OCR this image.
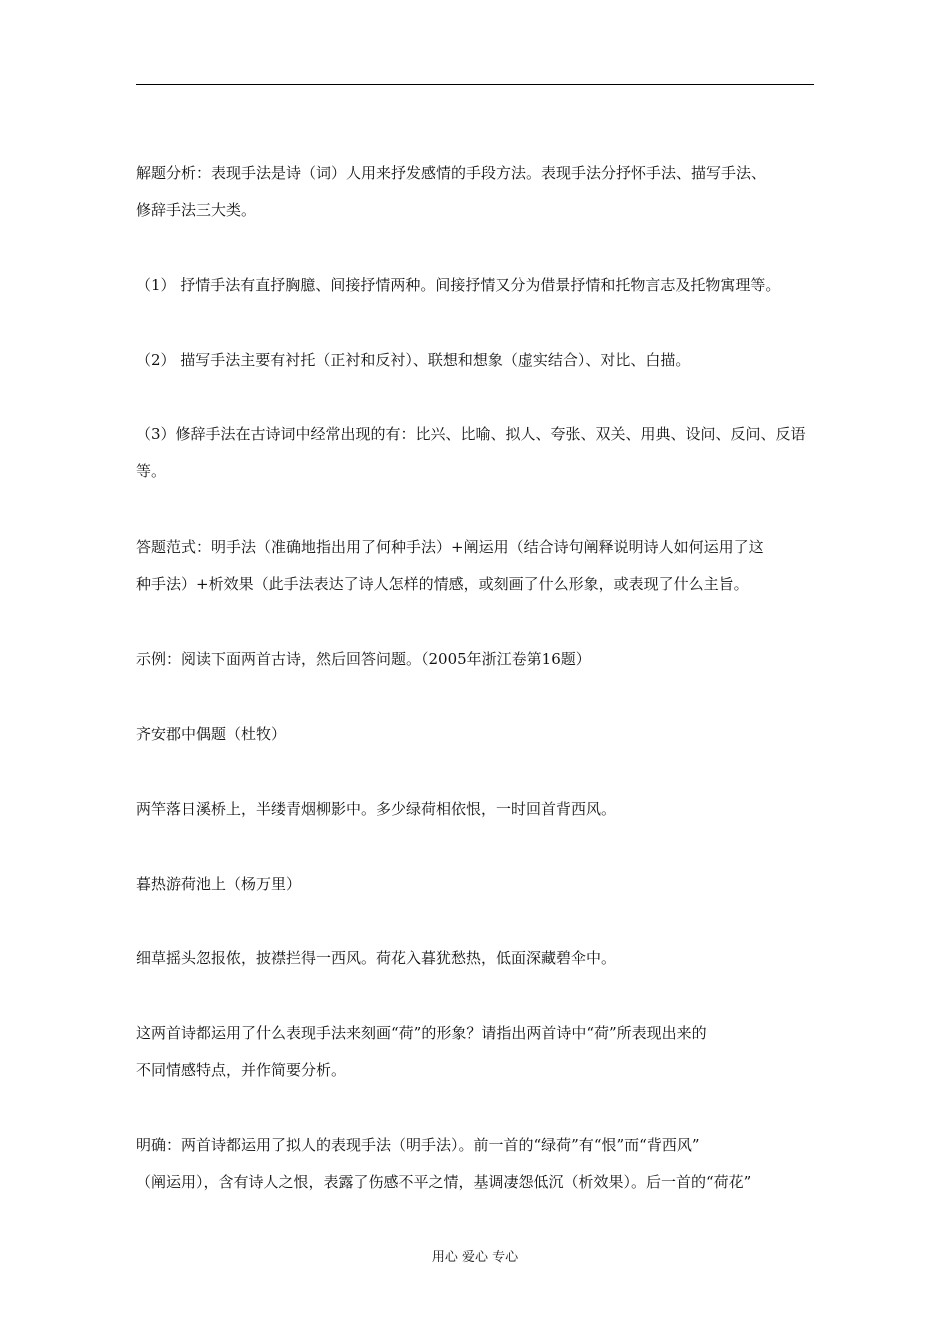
解题分析：表现手法是诗（词）人用来抒发感情的手段方法。表现手法分抒怀手法、描写手法、
修辞手法三大类。
（1） 抒情手法有直抒胸臆、间接抒情两种。间接抒情又分为借景抒情和托物言志及托物寓理等。
（2） 描写手法主要有衬托（正衬和反衬）、联想和想象（虚实结合）、对比、白描。
（3）修辞手法在古诗词中经常出现的有：比兴、比喻、拟人、夸张、双关、用典、设问、反问、反语
等。
答题范式：明手法（准确地指出用了何种手法）+阐运用（结合诗句阐释说明诗人如何运用了这
种手法）+析效果（此手法表达了诗人怎样的情感，或刻画了什么形象，或表现了什么主旨。
示例：阅读下面两首古诗，然后回答问题。（2005年浙江卷第16题）
齐安郡中偶题（杜牧）
两竿落日溪桥上，半缕青烟柳影中。多少绿荷相依恨，一时回首背西风。
暮热游荷池上（杨万里）
细草摇头忽报侬，披襟拦得一西风。荷花入暮犹愁热，低面深藏碧伞中。
这两首诗都运用了什么表现手法来刻画“荷”的形象？请指出两首诗中“荷”所表现出来的
不同情感特点，并作简要分析。
明确：两首诗都运用了拟人的表现手法（明手法）。前一首的“绿荷”有“恨”而“背西风”
（阐运用），含有诗人之恨，表露了伤感不平之情，基调凄怨低沉（析效果）。后一首的“荷花”
用心 爱心 专心
